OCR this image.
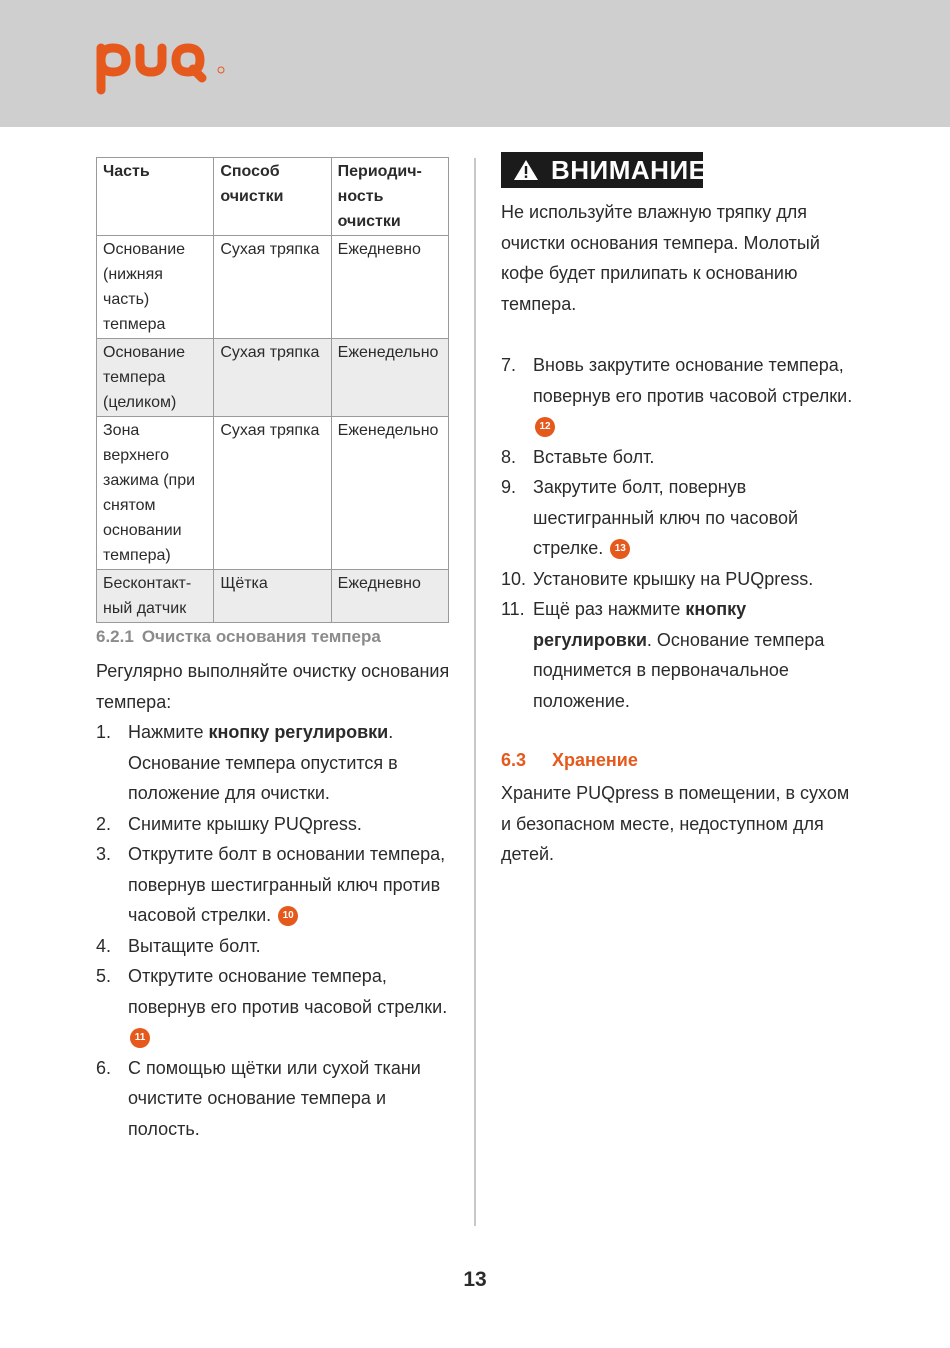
Часть	Способ очистки	Периодич-ность очистки
Основание (нижняя часть) тепмера	Сухая тряпка	Ежедневно
Основание темпера (целиком)	Сухая тряпка	Еженедельно
Зона верхнего зажима (при снятом основании темпера)	Сухая тряпка	Еженедельно
Бесконтакт-ный датчик	Щётка	Ежедневно
6.2.1 Очистка основания темпера
Регулярно выполняйте очистку основания темпера:
1. Нажмите кнопку регулировки. Основание темпера опустится в положение для очистки.
2. Снимите крышку PUQpress.
3. Открутите болт в основании темпера, повернув шестигранный ключ против часовой стрелки. 10
4. Вытащите болт.
5. Открутите основание темпера, повернув его против часовой стрелки.
11
6. С помощью щётки или сухой ткани очистите основание темпера и полость.
ВНИМАНИЕ
Не используйте влажную тряпку для очистки основания темпера. Молотый кофе будет прилипать к основанию темпера.
7. Вновь закрутите основание темпера, повернув его против часовой стрелки.
12
8. Вставьте болт.
9. Закрутите болт, повернув шестигранный ключ по часовой стрелке. 13
10. Установите крышку на PUQpress.
11. Ещё раз нажмите кнопку регулировки. Основание темпера поднимется в первоначальное положение.
6.3 Хранение
Храните PUQpress в помещении, в сухом и безопасном месте, недоступном для детей.
13
